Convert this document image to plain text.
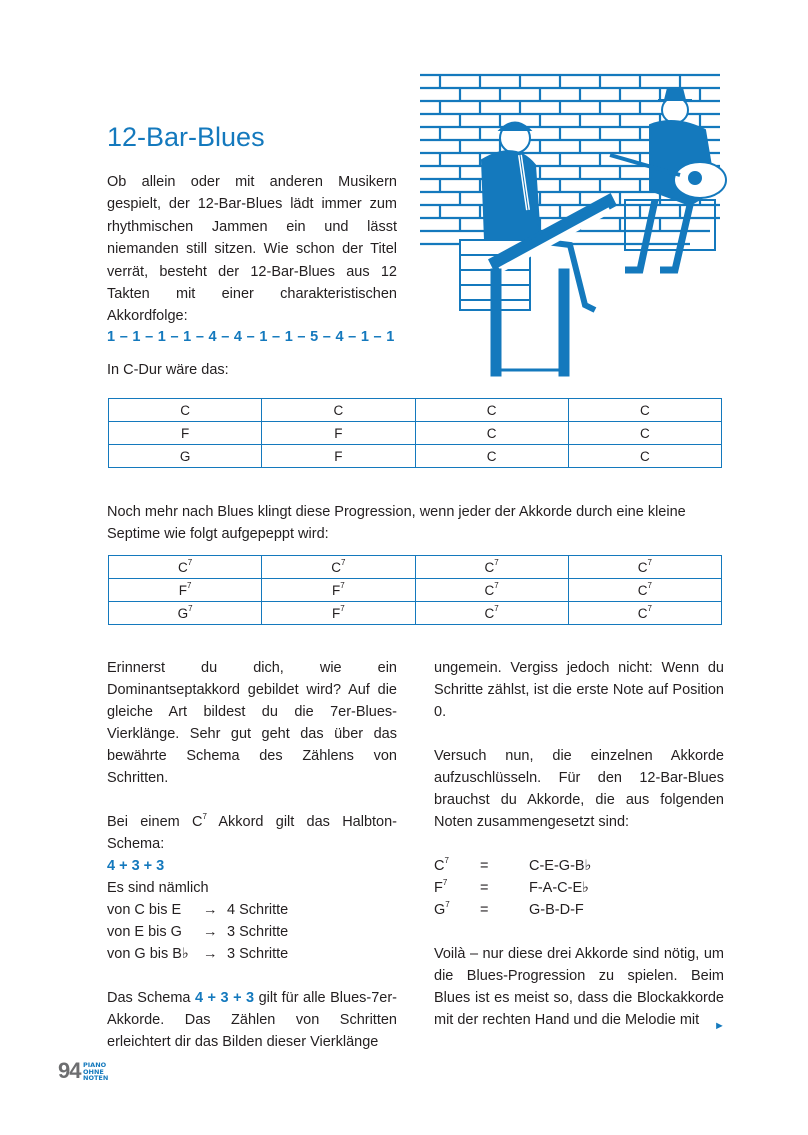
12-Bar-Blues

Ob allein oder mit anderen Musikern gespielt, der 12-Bar-Blues lädt immer zum rhythmischen Jammen ein und lässt niemanden still sitzen. Wie schon der Titel verrät, besteht der 12-Bar-Blues aus 12 Takten mit einer charakteristischen Akkordfolge:

1 – 1 – 1 – 1 – 4 – 4 – 1 – 1 – 5 – 4 – 1 – 1
In C-Dur wäre das:
C	C	C	C
F	F	C	C
G	F	C	C

Noch mehr nach Blues klingt diese Progression, wenn jeder der Akkorde durch eine kleine Septime wie folgt aufgepeppt wird:

$C^7$	$C^7$	$C^7$	$C^7$
$F^7$	$F^7$	$C^7$	$C^7$
$G^7$	$F^7$	$C^7$	$C^7$

Erinnerst du dich, wie ein Dominantseptakkord gebildet wird? Auf die gleiche Art bildest du die 7er-Blues-Vierklänge. Sehr gut geht das über das bewährte Schema des Zählens von Schritten.

Bei einem $C^7$ Akkord gilt das Halbton-Schema:

4 + 3 + 3
Es sind nämlich
von C bis E	→ 4 Schritte
von E bis G	→ 3 Schritte
von G bis B♭ → 3 Schritte

Das Schema 4 + 3 + 3 gilt für alle Blues-7er-Akkorde. Das Zählen von Schritten erleichtert dir das Bilden dieser Vierklänge

ungemein. Vergiss jedoch nicht: Wenn du Schritte zählst, ist die erste Note auf Position 0.

Versuch nun, die einzelnen Akkorde aufzuschlüsseln. Für den 12-Bar-Blues brauchst du Akkorde, die aus folgenden Noten zusammengesetzt sind:

$C^7$	=	C-E-G-B♭
$F^7$	=	F-A-C-E♭
$G^7$	=	G-B-D-F

Voilà – nur diese drei Akkorde sind nötig, um die Blues-Progression zu spielen. Beim Blues ist es meist so, dass die Blockakkorde mit der rechten Hand und die Melodie mit	►
94 PIANO
OHNE
NOTEN
